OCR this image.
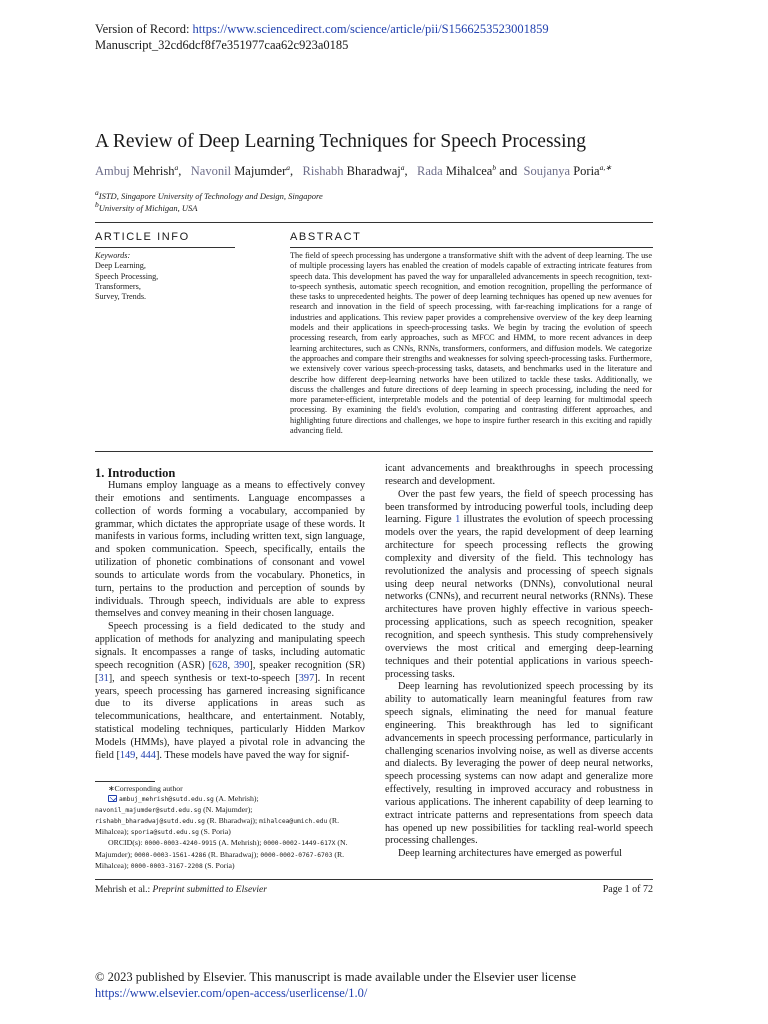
Version of Record: https://www.sciencedirect.com/science/article/pii/S1566253523001859
Manuscript_32cd6dcf8f7e351977caa62c923a0185
A Review of Deep Learning Techniques for Speech Processing
Ambuj Mehrish$^a$,   Navonil Majumder$^a$,   Rishabh Bharadwaj$^a$,   Rada Mihalcea$^b$ and Soujanya Poria$^{a,∗}$
aISTD, Singapore University of Technology and Design, Singapore
bUniversity of Michigan, USA
ARTICLE INFO	ABSTRACT
Keywords:
Deep Learning,
Speech Processing,
Transformers,
Survey, Trends.
The field of speech processing has undergone a transformative shift with the advent of deep learning. The use of multiple processing layers has enabled the creation of models capable of extracting intricate features from speech data. This development has paved the way for unparalleled advancements in speech recognition, text-to-speech synthesis, automatic speech recognition, and emotion recognition, propelling the performance of these tasks to unprecedented heights. The power of deep learning techniques has opened up new avenues for research and innovation in the field of speech processing, with far-reaching implications for a range of industries and applications. This review paper provides a comprehensive overview of the key deep learning models and their applications in speech-processing tasks. We begin by tracing the evolution of speech processing research, from early approaches, such as MFCC and HMM, to more recent advances in deep learning architectures, such as CNNs, RNNs, transformers, conformers, and diffusion models. We categorize the approaches and compare their strengths and weaknesses for solving speech-processing tasks. Furthermore, we extensively cover various speech-processing tasks, datasets, and benchmarks used in the literature and describe how different deep-learning networks have been utilized to tackle these tasks. Additionally, we discuss the challenges and future directions of deep learning in speech processing, including the need for more parameter-efficient, interpretable models and the potential of deep learning for multimodal speech processing. By examining the field's evolution, comparing and contrasting different approaches, and highlighting future directions and challenges, we hope to inspire further research in this exciting and rapidly advancing field.
1. Introduction

Humans employ language as a means to effectively convey their emotions and sentiments. Language encompasses a collection of words forming a vocabulary, accompanied by grammar, which dictates the appropriate usage of these words. It manifests in various forms, including written text, sign language, and spoken communication. Speech, specifically, entails the utilization of phonetic combinations of consonant and vowel sounds to articulate words from the vocabulary. Phonetics, in turn, pertains to the production and perception of sounds by individuals. Through speech, individuals are able to express themselves and convey meaning in their chosen language.

Speech processing is a field dedicated to the study and application of methods for analyzing and manipulating speech signals. It encompasses a range of tasks, including automatic speech recognition (ASR) [628, 390], speaker recognition (SR) [31], and speech synthesis or text-to-speech [397]. In recent years, speech processing has garnered increasing significance due to its diverse applications in areas such as telecommunications, healthcare, and entertainment. Notably, statistical modeling techniques, particularly Hidden Markov Models (HMMs), have played a pivotal role in advancing the field [149, 444]. These models have paved the way for signif-

icant advancements and breakthroughs in speech processing research and development.

Over the past few years, the field of speech processing has been transformed by introducing powerful tools, including deep learning. Figure 1 illustrates the evolution of speech processing models over the years, the rapid development of deep learning architecture for speech processing reflects the growing complexity and diversity of the field. This technology has revolutionized the analysis and processing of speech signals using deep neural networks (DNNs), convolutional neural networks (CNNs), and recurrent neural networks (RNNs). These architectures have proven highly effective in various speech-processing applications, such as speech recognition, speaker recognition, and speech synthesis. This study comprehensively overviews the most critical and emerging deep-learning techniques and their potential applications in various speech-processing tasks.

Deep learning has revolutionized speech processing by its ability to automatically learn meaningful features from raw speech signals, eliminating the need for manual feature engineering. This breakthrough has led to significant advancements in speech processing performance, particularly in challenging scenarios involving noise, as well as diverse accents and dialects. By leveraging the power of deep neural networks, speech processing systems can now adapt and generalize more effectively, resulting in improved accuracy and robustness in various applications. The inherent capability of deep learning to extract intricate patterns and representations from speech data has opened up new possibilities for tackling real-world speech processing challenges.

Deep learning architectures have emerged as powerful

∗Corresponding author
ambuj_mehrish@sutd.edu.sg (A. Mehrish);
navonil_majumder@sutd.edu.sg (N. Majumder);
rishabh_bharadwaj@sutd.edu.sg (R. Bharadwaj); mihalcea@umich.edu (R. Mihalcea); sporia@sutd.edu.sg (S. Poria)
ORCID(s): 0000-0003-4240-9915 (A. Mehrish); 0000-0002-1449-617X (N. Majumder); 0000-0003-1561-4286 (R. Bharadwaj); 0000-0002-0767-6703 (R. Mihalcea); 0000-0003-3167-2208 (S. Poria)
Mehrish et al.: Preprint submitted to Elsevier	Page 1 of 72
© 2023 published by Elsevier. This manuscript is made available under the Elsevier user license
https://www.elsevier.com/open-access/userlicense/1.0/
